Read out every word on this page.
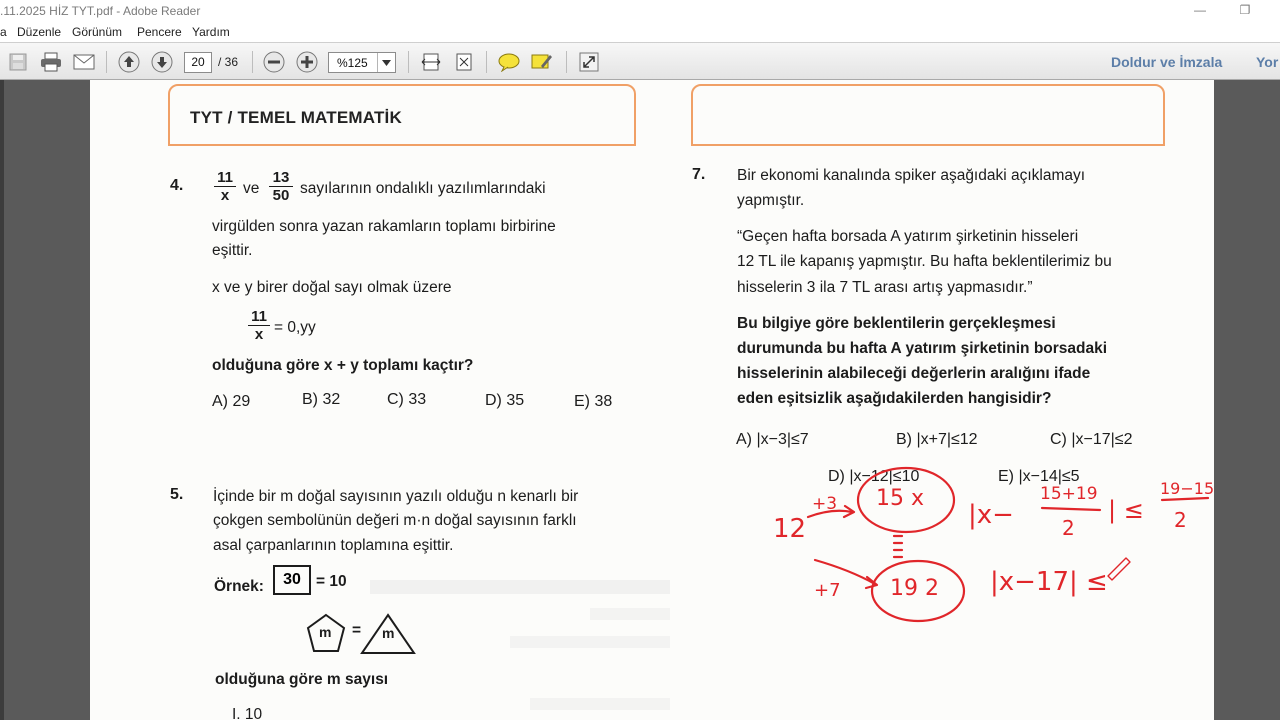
.11.2025 HİZ TYT.pdf - Adobe Reader	—	❐
a Düzenle Görünüm Pencere Yardım
20	/ 36	%125	Doldur ve İmzala Yor
TYT / TEMEL MATEMATİK
4. $\frac{11}{x}$ ve $\frac{13}{50}$ sayılarının ondalıklı yazılımlarındaki
virgülden sonra yazan rakamların toplamı birbirine
eşittir.
x ve y birer doğal sayı olmak üzere
$\frac{11}{x} = 0,yy$
olduğuna göre x + y toplamı kaçtır?
A) 29	B) 32	C) 33	D) 35	E) 38
5. İçinde bir m doğal sayısının yazılı olduğu n kenarlı bir
çokgen sembolünün değeri m·n doğal sayısının farklı
asal çarpanlarının toplamına eşittir.
Örnek:	30 = 10
m = m
olduğuna göre m sayısı
I. 10
7. Bir ekonomi kanalında spiker aşağıdaki açıklamayı
yapmıştır.
“Geçen hafta borsada A yatırım şirketinin hisseleri
12 TL ile kapanış yapmıştır. Bu hafta beklentilerimiz bu
hisselerin 3 ila 7 TL arası artış yapmasıdır.”
Bu bilgiye göre beklentilerin gerçekleşmesi
durumunda bu hafta A yatırım şirketinin borsadaki
hisselerinin alabileceği değerlerin aralığını ifade
eden eşitsizlik aşağıdakilerden hangisidir?
A) |x−3|≤7	B) |x+7|≤12	C) |x−17|≤2
D) |x−12|≤10	E) |x−14|≤5
12
+3
+7
15 x
19 2
|x−
15+19
2
| ≤
19−15
2
|x−17| ≤
